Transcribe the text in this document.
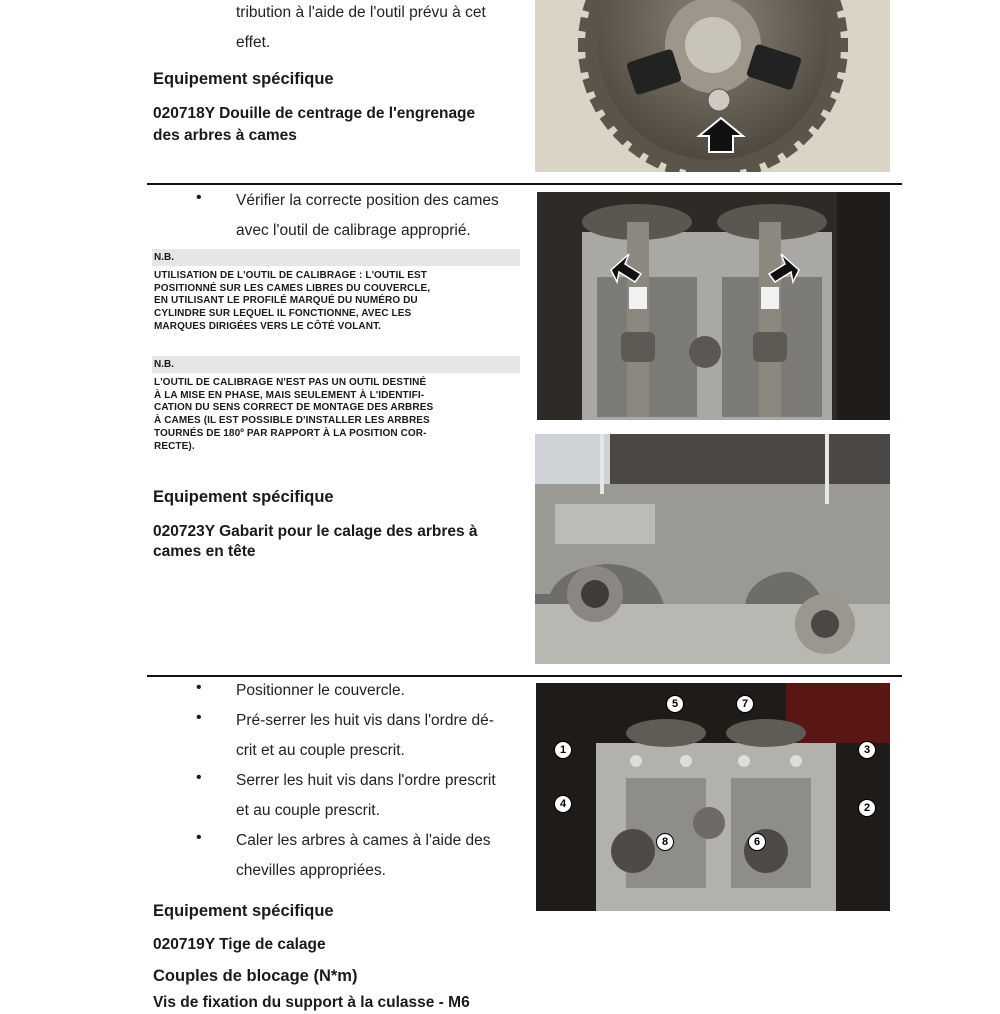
tribution à l'aide de l'outil prévu à cet
effet.
Equipement spécifique
020718Y Douille de centrage de l'engrenage
des arbres à cames
• Vérifier la correcte position des cames
avec l'outil de calibrage approprié.
N.B.
UTILISATION DE L'OUTIL DE CALIBRAGE : L'OUTIL EST
POSITIONNÉ SUR LES CAMES LIBRES DU COUVERCLE,
EN UTILISANT LE PROFILÉ MARQUÉ DU NUMÉRO DU
CYLINDRE SUR LEQUEL IL FONCTIONNE, AVEC LES
MARQUES DIRIGÉES VERS LE CÔTÉ VOLANT.
N.B.
L'OUTIL DE CALIBRAGE N'EST PAS UN OUTIL DESTINÉ
À LA MISE EN PHASE, MAIS SEULEMENT À L'IDENTIFI-
CATION DU SENS CORRECT DE MONTAGE DES ARBRES
À CAMES (IL EST POSSIBLE D'INSTALLER LES ARBRES
TOURNÉS DE 180º PAR RAPPORT À LA POSITION COR-
RECTE).
Equipement spécifique
020723Y Gabarit pour le calage des arbres à
cames en tête
• Positionner le couvercle.
• Pré-serrer les huit vis dans l'ordre dé-
crit et au couple prescrit.
• Serrer les huit vis dans l'ordre prescrit
et au couple prescrit.
• Caler les arbres à cames à l'aide des
chevilles appropriées.
Equipement spécifique
020719Y Tige de calage
Couples de blocage (N*m)
Vis de fixation du support à la culasse - M6
1
2
3
4
5
6
7
8
